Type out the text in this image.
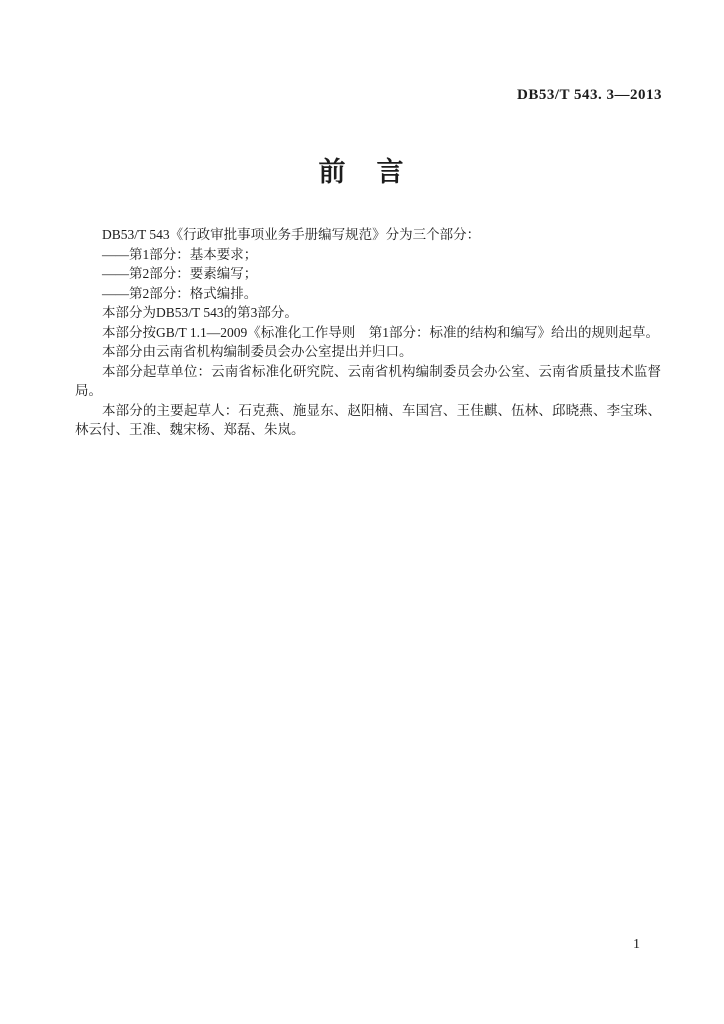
DB53/T 543. 3—2013
前　言

DB53/T 543《行政审批事项业务手册编写规范》分为三个部分：

——第1部分：基本要求；

——第2部分：要素编写；

——第2部分：格式编排。

本部分为DB53/T 543的第3部分。

本部分按GB/T 1.1—2009《标准化工作导则　第1部分：标准的结构和编写》给出的规则起草。

本部分由云南省机构编制委员会办公室提出并归口。

本部分起草单位：云南省标准化研究院、云南省机构编制委员会办公室、云南省质量技术监督局。

本部分的主要起草人：石克燕、施显东、赵阳楠、车国宫、王佳麒、伍林、邱晓燕、李宝珠、林云付、王准、魏宋杨、郑磊、朱岚。

1
